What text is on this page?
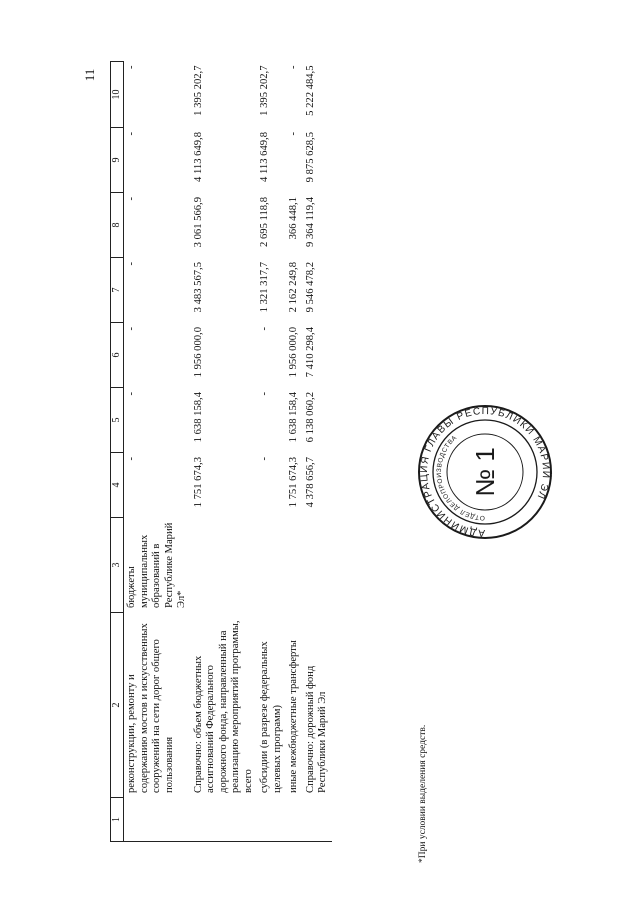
11
1	2	3	4	5	6	7	8	9	10
	реконструкции, ремонту и содержанию мостов и искусственных сооружений на сети дорог общего пользования	бюджеты муниципальных образований в Республике Марий Эл*	-	-	-	-	-	-	-
	Справочно: объем бюджетных ассигнований Федерального дорожного фонда, направленный на реализацию мероприятий программы, всего		1 751 674,3	1 638 158,4	1 956 000,0	3 483 567,5	3 061 566,9	4 113 649,8	1 395 202,7
	субсидии (в разрезе федеральных целевых программ)		-	-	-	1 321 317,7	2 695 118,8	4 113 649,8	1 395 202,7
	иные межбюджетные трансферты		1 751 674,3	1 638 158,4	1 956 000,0	2 162 249,8	366 448,1	-	-
	Справочно: дорожный фонд Республики Марий Эл		4 378 656,7	6 138 060,2	7 410 298,4	9 546 478,2	9 364 119,4	9 875 628,5	5 222 484,5
*При условии выделения средств.
АДМИНИСТРАЦИЯ ГЛАВЫ РЕСПУБЛИКИ МАРИЙ ЭЛ
ОТДЕЛ ДЕЛОПРОИЗВОДСТВА
№ 1
